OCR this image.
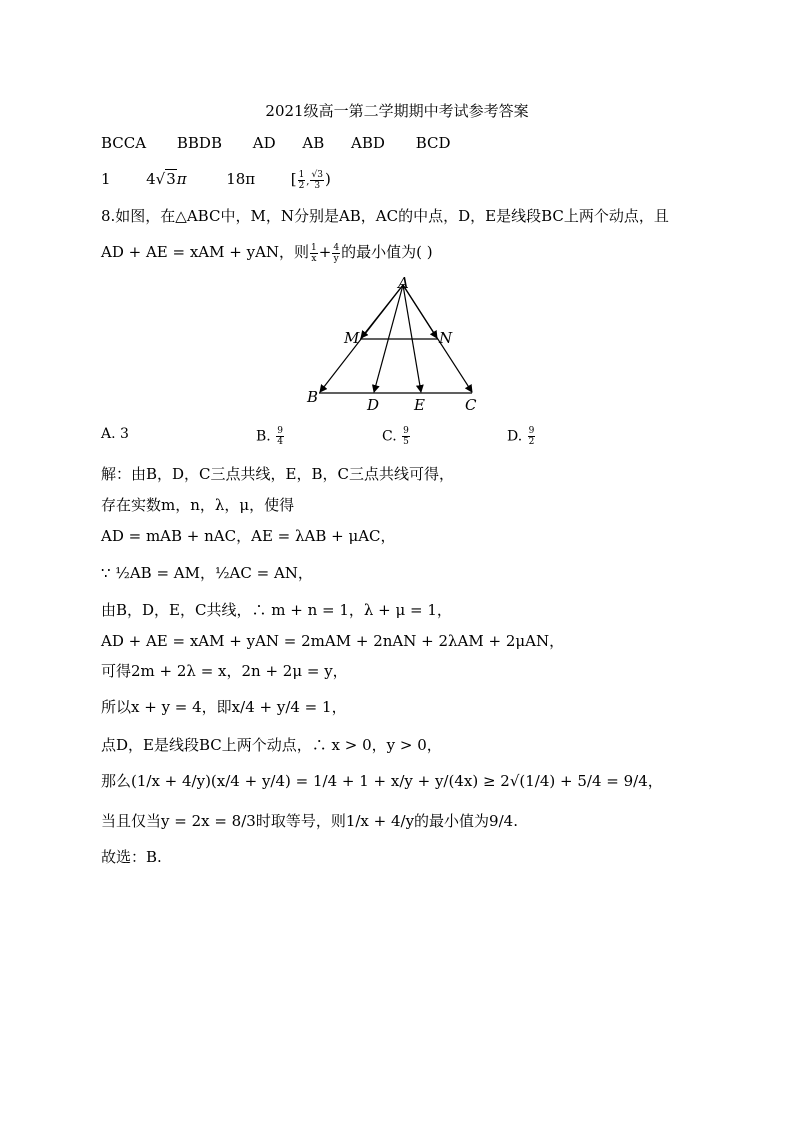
2021级高一第二学期期中考试参考答案
BCCA BBDB AD AB ABD BCD
1 4√3π	18π [ $\frac{1}{2}$ , $\frac{√3}{3}$ )
8.如图，在△ABC中，M，N分别是AB，AC的中点，D，E是线段BC上两个动点，且
AD + AE = xAM + yAN，则 $\frac{1}{x} + \frac{4}{y}$ 的最小值为( )
A
M	N
B	D E	C
A. 3	B. $\frac{9}{4}$	C. $\frac{9}{5}$	D. $\frac{9}{2}$
解：由B，D，C三点共线，E，B，C三点共线可得，
存在实数m，n，λ，μ，使得
AD = mAB + nAC，AE = λAB + μAC，
∵ ½AB = AM，½AC = AN，
由B，D，E，C共线，∴ m + n = 1，λ + μ = 1，
AD + AE = xAM + yAN = 2mAM + 2nAN + 2λAM + 2μAN，
可得2m + 2λ = x，2n + 2μ = y，
所以x + y = 4，即x/4 + y/4 = 1，
点D，E是线段BC上两个动点，∴ x > 0，y > 0，
那么(1/x + 4/y)(x/4 + y/4) = 1/4 + 1 + x/y + y/(4x) ≥ 2√(1/4) + 5/4 = 9/4，
当且仅当y = 2x = 8/3时取等号，则1/x + 4/y的最小值为9/4.
故选：B.
